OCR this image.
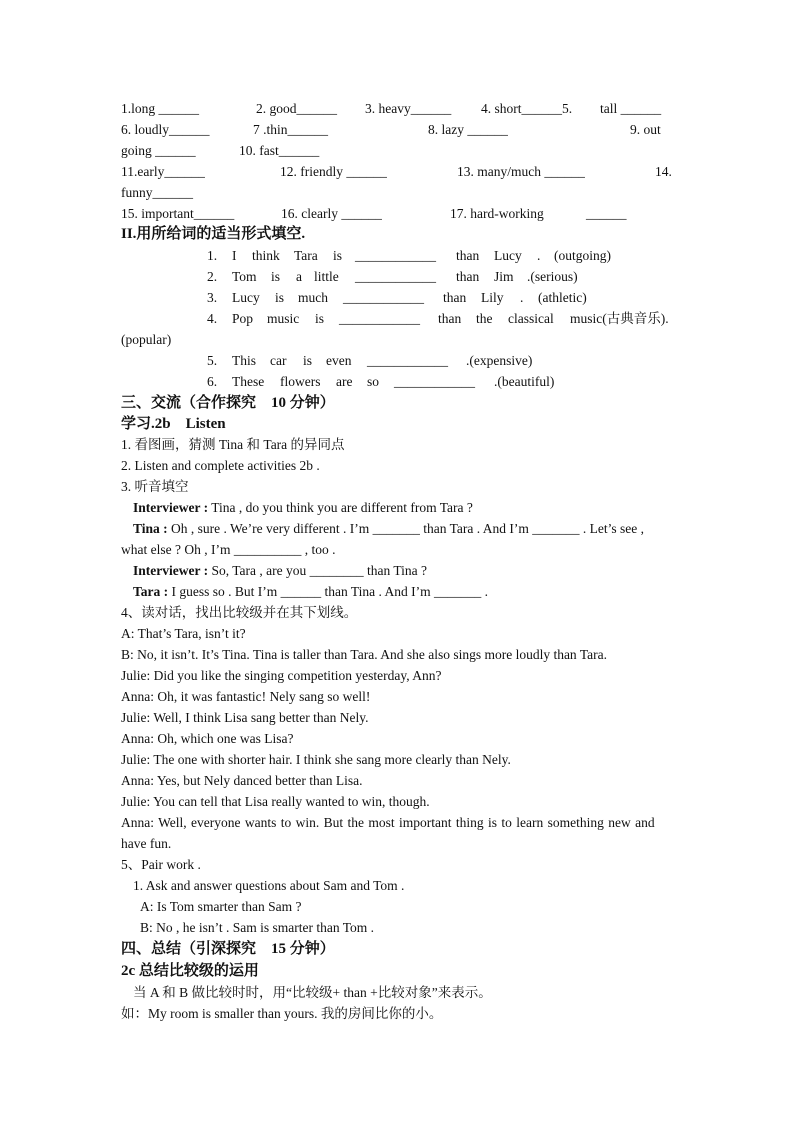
1.long ______	2. good______ 3. heavy______ 4. short______5. tall ______
6. loudly______	7 .thin______	8. lazy ______	9. out
going ______	10. fast______
11.early______	12. friendly ______	13. many/much ______	14.
funny______
15. important______	16. clearly ______	17. hard-working	______
II.用所给词的适当形式填空.
1. I think Tara is ____________ than Lucy . (outgoing)
2. Tom is a little ____________ than Jim .(serious)
3. Lucy is much ____________ than Lily . (athletic)
4. Pop music is ____________ than the classical music(古典音乐).
(popular)
5. This car is even ____________ .(expensive)
6. These flowers are so ____________ .(beautiful)
三、交流（合作探究　10 分钟）
学习.2b　Listen
1. 看图画，猜测 Tina 和 Tara 的异同点
2. Listen and complete activities 2b .
3. 听音填空
Interviewer : Tina , do you think you are different from Tara ?
Tina : Oh , sure . We’re very different . I’m _______ than Tara . And I’m _______ . Let’s see ,
what else ? Oh , I’m __________ , too .
Interviewer : So, Tara , are you ________ than Tina ?
Tara : I guess so . But I’m ______ than Tina . And I’m _______ .
4、读对话，找出比较级并在其下划线。
A: That’s Tara, isn’t it?
B: No, it isn’t. It’s Tina. Tina is taller than Tara. And she also sings more loudly than Tara.
Julie: Did you like the singing competition yesterday, Ann?
Anna: Oh, it was fantastic! Nely sang so well!
Julie: Well, I think Lisa sang better than Nely.
Anna: Oh, which one was Lisa?
Julie: The one with shorter hair. I think she sang more clearly than Nely.
Anna: Yes, but Nely danced better than Lisa.
Julie: You can tell that Lisa really wanted to win, though.
Anna: Well, everyone wants to win. But the most important thing is to learn something new and
have fun.
5、Pair work .
1. Ask and answer questions about Sam and Tom .
A: Is Tom smarter than Sam ?
B: No , he isn’t . Sam is smarter than Tom .
四、总结（引深探究　15 分钟）
2c 总结比较级的运用
当 A 和 B 做比较时时，用“比较级+ than +比较对象”来表示。
如：My room is smaller than yours. 我的房间比你的小。
